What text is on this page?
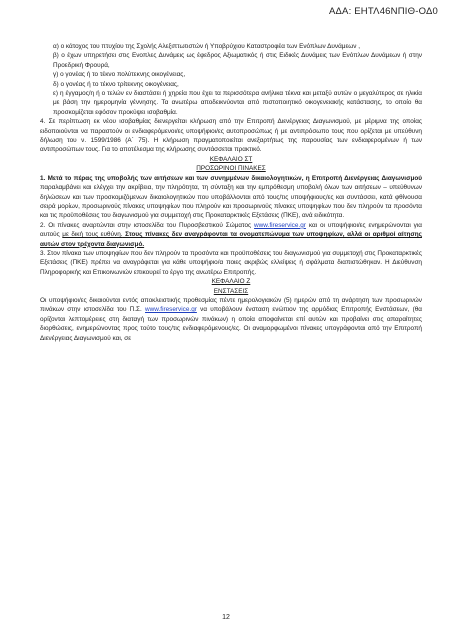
ΑΔΑ: ΕΗΤΛ46ΝΠΙΘ-ΟΔ0

α) ο κάτοχος του πτυχίου της Σχολής Αλεξιπτωτιστών ή Υποβρύχιου Καταστροφέα των Ενόπλων Δυνάμεων ,

β) ο έχων υπηρετήσει στις Ενοπλες Δυνάμεις ως έφεδρος Αξιωματικός ή στις Ειδικές Δυνάμεις των Ενόπλων Δυνάμεων ή στην Προεδρική Φρουρά,

γ) ο γονέας ή το τέκνο πολύτεκνης οικογένειας,

δ) ο γονέας ή το τέκνο τρίτεκνης οικογένειας,

ε) η έγγαμος/η ή ο τελών εν διαστάσει ή χηρεία που έχει τα περισσότερα ανήλικα τέκνα και μεταξύ αυτών ο μεγαλύτερος σε ηλικία με βάση την ημερομηνία γέννησης. Τα ανωτέρω αποδεικνύονται από πιστοποιητικό οικογενειακής κατάστασης, το οποίο θα προσκομίζεται εφόσον προκύψει ισοβαθμία.

4. Σε περίπτωση εκ νέου ισοβαθμίας διενεργείται κλήρωση από την Επιτροπή Διενέργειας Διαγωνισμού, με μέριμνα της οποίας ειδοποιούνται να παραστούν οι ενδιαφερόμενοι/ες υποψήφιοι/ες αυτοπροσώπως ή με αντιπρόσωπο τους που ορίζεται με υπεύθυνη δήλωση του ν. 1599/1986 (Α΄ 75). Η κλήρωση πραγματοποιείται ανεξαρτήτως της παρουσίας των ενδιαφερομένων ή των αντιπροσώπων τους. Για το αποτέλεσμα της κλήρωσης συντάσσεται πρακτικό.

ΚΕΦΑΛΑΙΟ ΣΤ

ΠΡΟΣΩΡΙΝΟΙ ΠΙΝΑΚΕΣ

1. Μετά το πέρας της υποβολής των αιτήσεων και των συνημμένων δικαιολογητικών, η Επιτροπή Διενέργειας Διαγωνισμού παραλαμβάνει και ελέγχει την ακρίβεια, την πληρότητα, τη σύνταξη και την εμπρόθεσμη υποβολή όλων των αιτήσεων – υπεύθυνων δηλώσεων και των προσκομιζόμενων δικαιολογητικών που υποβάλλονται από τους/τις υποψήφιους/ες και συντάσσει, κατά φθίνουσα σειρά μορίων, προσωρινούς πίνακες υποψηφίων που πληρούν και προσωρινούς πίνακες υποψηφίων που δεν πληρούν τα προσόντα και τις προϋποθέσεις του διαγωνισμού για συμμετοχή στις Προκαταρκτικές Εξετάσεις (ΠΚΕ), ανά ειδικότητα.

2. Οι πίνακες αναρτώνται στην ιστοσελίδα του Πυροσβεστικού Σώματος www.fireservice.gr και οι υποψήφιοι/ες ενημερώνονται για αυτούς με δική τους ευθύνη. Στους πίνακες δεν αναγράφονται τα ονοματεπώνυμα των υποψηφίων, αλλά οι αριθμοί αίτησης αυτών στον τρέχοντα διαγωνισμό.

3. Στον πίνακα των υποψηφίων που δεν πληρούν τα προσόντα και προϋποθέσεις του διαγωνισμού για συμμετοχή στις Προκαταρκτικές Εξετάσεις (ΠΚΕ) πρέπει να αναγράφεται για κάθε υποψήφιο/α ποιες ακριβώς ελλείψεις ή σφάλματα διαπιστώθηκαν. Η Διεύθυνση Πληροφορικής και Επικοινωνιών επικουρεί το έργο της ανωτέρω Επιτροπής.

ΚΕΦΑΛΑΙΟ Ζ

ΕΝΣΤΑΣΕΙΣ

Οι υποψήφιοι/ες δικαιούνται εντός αποκλειστικής προθεσμίας πέντε ημερολογιακών (5) ημερών από τη ανάρτηση των προσωρινών πινάκων στην ιστοσελίδα του Π.Σ. www.fireservice.gr να υποβάλουν ένσταση ενώπιον της αρμόδιας Επιτροπής Ενστάσεων, (θα ορίζονται λεπτομέρειες στη διαταγή των προσωρινών πινάκων) η οποία αποφαίνεται επί αυτών και προβαίνει στις απαραίτητες διορθώσεις, ενημερώνοντας προς τούτο τους/τις ενδιαφερόμενους/ες. Οι αναμορφωμένοι πίνακες υπογράφονται από την Επιτροπή Διενέργειας Διαγωνισμού και, σε

12
